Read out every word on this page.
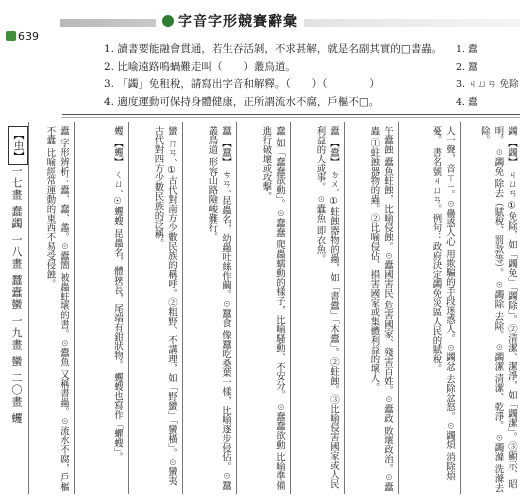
639
字音字形競賽辭彙
1. 讀書要能融會貫通，若生吞活剝，不求甚解，就是名副其實的□書蟲。
2. 比喻遠路鳴蝸難走叫（　　）叢鳥道。
3. 「蠲」免租稅，請寫出字音和解釋。（　　）（　　　　）
4. 適度運動可保持身體健康，正所謂流水不腐，戶樞不□。
1. 蠹
2. 蠶
3. ㄐㄩㄢ 免除
4. 蠹
【虫】
一七畫 蠢蠲 一八畫 蠶蠹蠻 一九畫 蠻 二〇畫 蠼	蠹 字形辨析：蠹、蠢、蠡。☉蠹簡 被蟲蛀壞的書。☉蠹魚 又稱書蟲。☉流水不腐，戶樞不蠹 比喻經常運動的東西不易受侵蝕。	蠼 【蠼】 ㄑㄩˊ ☉蠼螋 昆蟲名，體狹長，尾端有鉗狀物。 蠼螋也寫作「蠷螋」。	蠻 ㄇㄢˊ ①古代對南方少數民族的稱呼。②粗野、不講理，如「野蠻」「蠻橫」。☉蠻夷 古代對四方少數民族的泛稱。	蠶 【蠶】 ㄘㄢˊ 昆蟲名，幼蟲吐絲作繭。☉蠶食 像蠶吃桑葉一樣，比喻逐步侵佔。☉蠶叢鳥道 形容山路險峻難行。	蠢 如「蠢蠢欲動」。☉蠢蠢 爬蟲蠕動的樣子，比喻騷動、不安分。 ☉蠢蠢欲動 比喻準備進行破壞或攻擊。	蠹 【蠹】 ㄉㄨˋ ①蛀蝕器物的蟲，如「書蠹」「木蠹」。②蛀蝕。③比喻侵害國家或人民利益的人或事。 ☉蠹魚 即衣魚。	午蠹蝕 蠹魚蛀蝕，比喻侵蝕。☉蠹國害民 危害國家、殘害百姓。☉蠹政 敗壞政治。☉蠹蟲 ①蛀蝕器物的蟲。②比喻侵佔、損害國家或集體利益的壞人。	人一聲，音ㄒㄧ。☉蠱惑人心 用欺騙的手段迷惑人。☉蠲忿 去除忿怒。☉蠲煩 消除煩憂。 書名號ㄐㄩㄢ。例句：政府決定蠲免災區人民的賦稅。	蠲 【蠲】 ㄐㄩㄢ ①免除，如「蠲免」「蠲除」。②清潔、潔淨，如「蠲潔」。③顯示、昭明。 ☉蠲免 除去（賦稅、罰款等）。 ☉蠲除 去除。 ☉蠲潔 清潔、乾淨。 ☉蠲滌 洗滌去除。
